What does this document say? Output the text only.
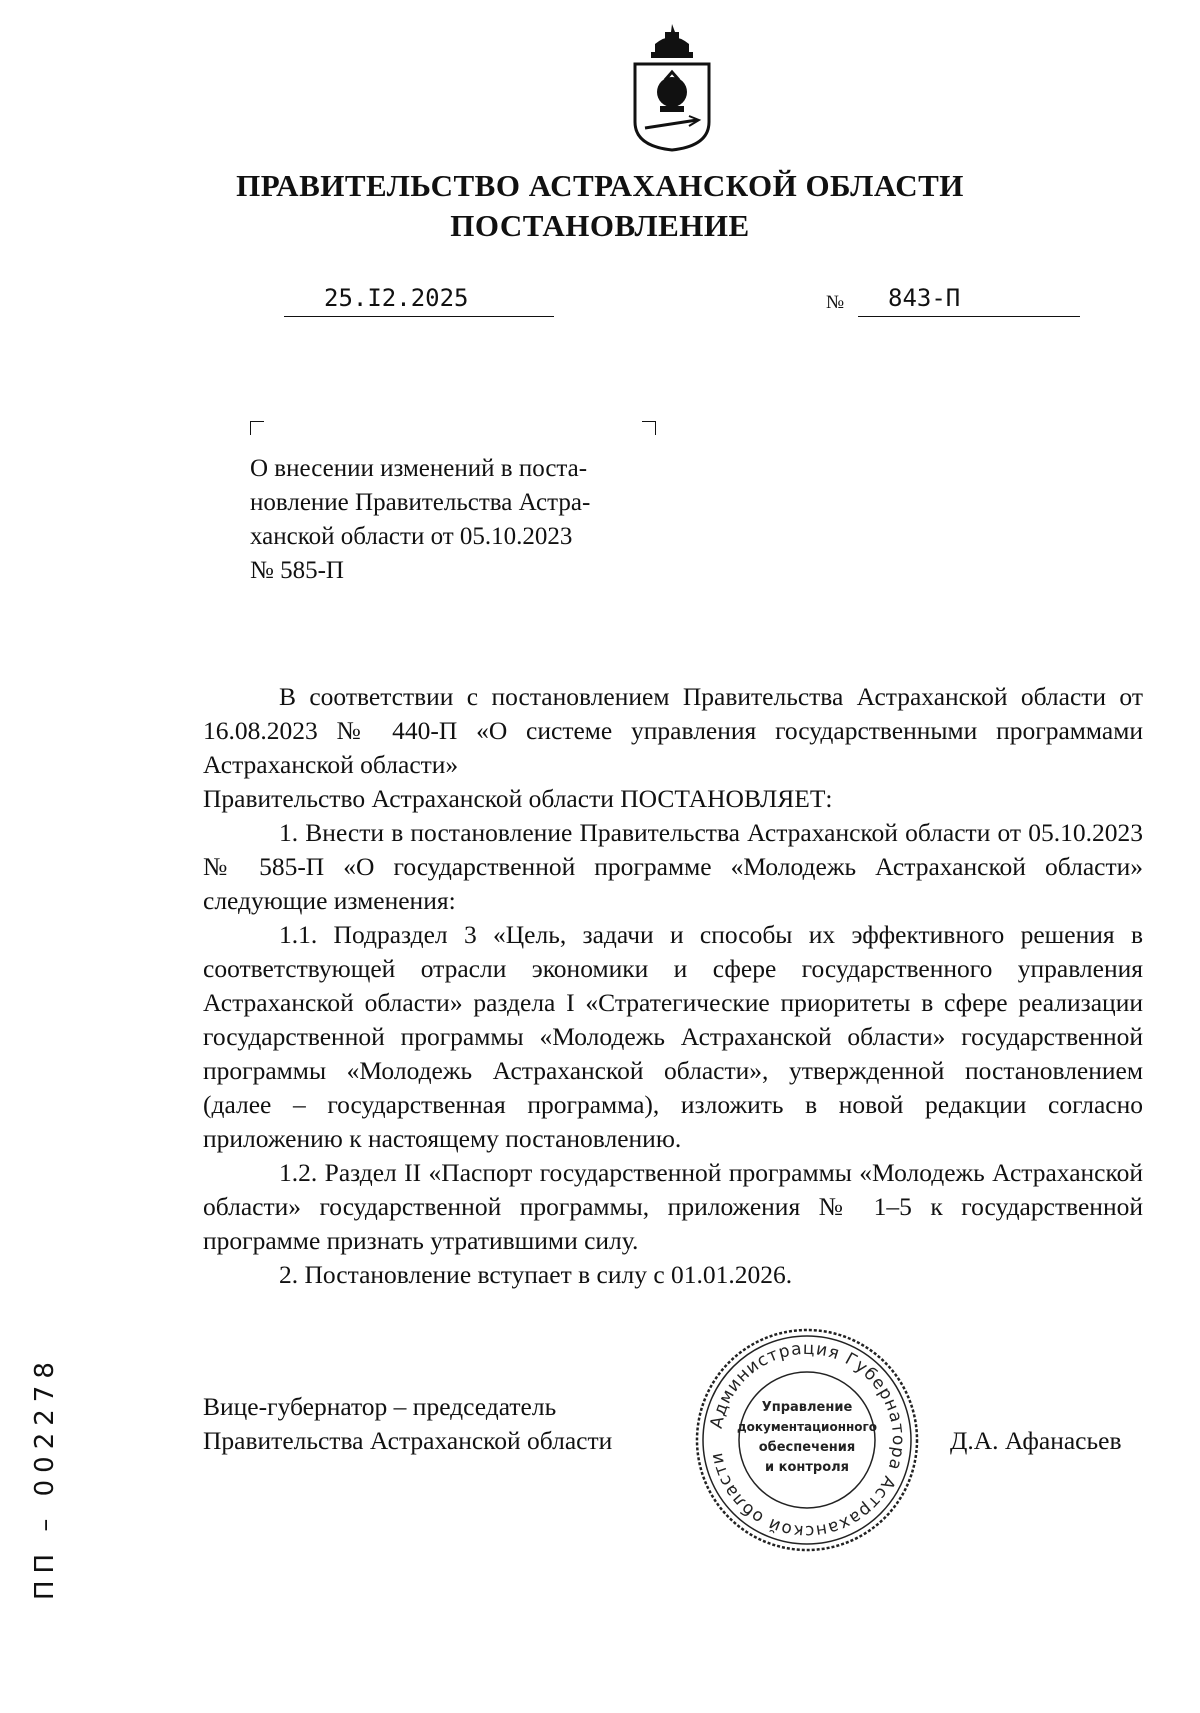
ПРАВИТЕЛЬСТВО АСТРАХАНСКОЙ ОБЛАСТИ
ПОСТАНОВЛЕНИЕ
25.I2.2025	№ 843-П
О внесении изменений в поста-
новление Правительства Астра-
ханской области от 05.10.2023
№ 585-П

В соответствии с постановлением Правительства Астраханской области от 16.08.2023 № 440-П «О системе управления государственными программами Астраханской области»

Правительство Астраханской области ПОСТАНОВЛЯЕТ:

1. Внести в постановление Правительства Астраханской области от 05.10.2023 № 585-П «О государственной программе «Молодежь Астраханской области» следующие изменения:

1.1. Подраздел 3 «Цель, задачи и способы их эффективного решения в соответствующей отрасли экономики и сфере государственного управления Астраханской области» раздела I «Стратегические приоритеты в сфере реализации государственной программы «Молодежь Астраханской области» государственной программы «Молодежь Астраханской области», утвержденной постановлением (далее – государственная программа), изложить в новой редакции согласно приложению к настоящему постановлению.

1.2. Раздел II «Паспорт государственной программы «Молодежь Астраханской области» государственной программы, приложения № 1–5 к государственной программе признать утратившими силу.

2. Постановление вступает в силу с 01.01.2026.

Вице-губернатор – председатель
Правительства Астраханской области	Д.А. Афанасьев
Администрация Губернатора Астраханской области
Управление
документационного
обеспечения
и контроля
ПП – 002278
